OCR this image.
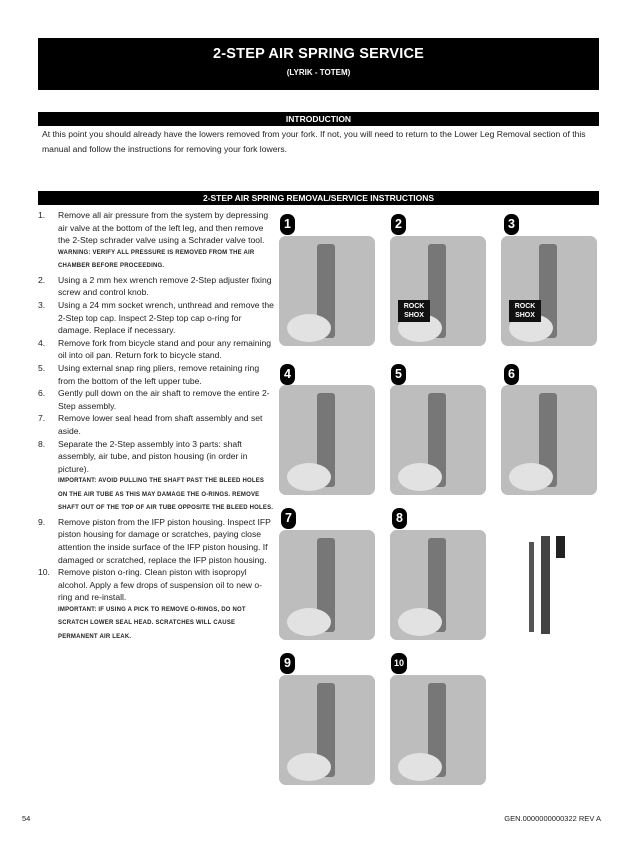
2-STEP AIR SPRING SERVICE
(LYRIK - TOTEM)
INTRODUCTION
At this point you should already have the lowers removed from your fork. If not, you will need to return to the Lower Leg Removal section of this manual and follow the instructions for removing your fork lowers.
2-STEP AIR SPRING REMOVAL/SERVICE INSTRUCTIONS
1. Remove all air pressure from the system by depressing air valve at the bottom of the left leg, and then remove the 2-Step schrader valve using a Schrader valve tool.
WARNING: VERIFY ALL PRESSURE IS REMOVED FROM THE AIR CHAMBER BEFORE PROCEEDING.
2. Using a 2 mm hex wrench remove 2-Step adjuster fixing screw and control knob.
3. Using a 24 mm socket wrench, unthread and remove the 2-Step top cap. Inspect 2-Step top cap o-ring for damage. Replace if necessary.
4. Remove fork from bicycle stand and pour any remaining oil into oil pan. Return fork to bicycle stand.
5. Using external snap ring pliers, remove retaining ring from the bottom of the left upper tube.
6. Gently pull down on the air shaft to remove the entire 2-Step assembly.
7. Remove lower seal head from shaft assembly and set aside.
8. Separate the 2-Step assembly into 3 parts: shaft assembly, air tube, and piston housing (in order in picture).
IMPORTANT: AVOID PULLING THE SHAFT PAST THE BLEED HOLES ON THE AIR TUBE AS THIS MAY DAMAGE THE O-RINGS. REMOVE SHAFT OUT OF THE TOP OF AIR TUBE OPPOSITE THE BLEED HOLES.
9. Remove piston from the IFP piston housing. Inspect IFP piston housing for damage or scratches, paying close attention the inside surface of the IFP piston housing. If damaged or scratched, replace the IFP piston housing.
10. Remove piston o-ring. Clean piston with isopropyl alcohol. Apply a few drops of suspension oil to new o-ring and re-install.
IMPORTANT: IF USING A PICK TO REMOVE O-RINGS, DO NOT SCRATCH LOWER SEAL HEAD. SCRATCHES WILL CAUSE PERMANENT AIR LEAK.
1
ROCK SHOX
2
ROCK SHOX
3
4	5	6
7	8
9	10
54	GEN.0000000000322 REV A
